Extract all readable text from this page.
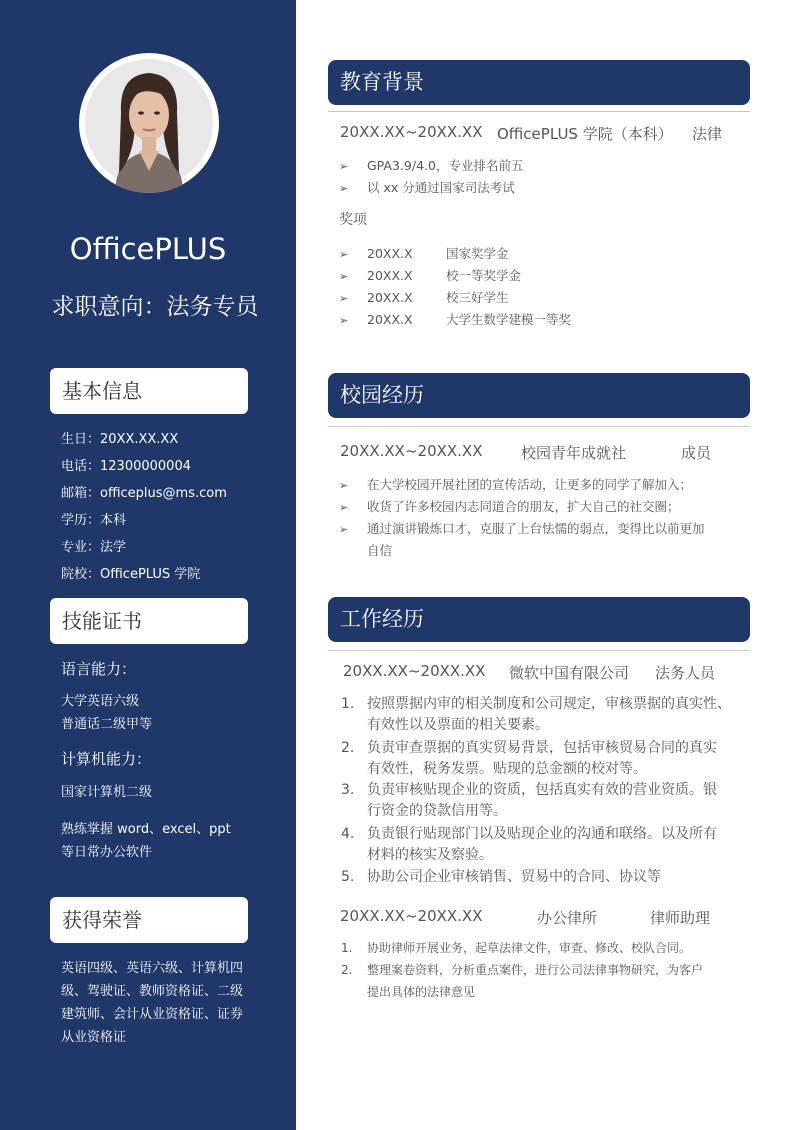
OfficePLUS
求职意向：法务专员
基本信息
生日：20XX.XX.XX
电话：12300000004
邮箱：officeplus@ms.com
学历：本科
专业：法学
院校：OfficePLUS 学院
技能证书
语言能力：
大学英语六级
普通话二级甲等
计算机能力：
国家计算机二级
熟练掌握 word、excel、ppt
等日常办公软件
获得荣誉
英语四级、英语六级、计算机四
级、驾驶证、教师资格证、二级
建筑师、会计从业资格证、证券
从业资格证
教育背景
20XX.XX~20XX.XX OfficePLUS 学院（本科） 法律
➢ GPA3.9/4.0，专业排名前五
➢ 以 xx 分通过国家司法考试
奖项
➢ 20XX.X	国家奖学金
➢ 20XX.X	校一等奖学金
➢ 20XX.X	校三好学生
➢ 20XX.X	大学生数学建模一等奖
校园经历
20XX.XX~20XX.XX	校园青年成就社	成员
➢ 在大学校园开展社团的宣传活动，让更多的同学了解加入；
➢ 收货了许多校园内志同道合的朋友，扩大自己的社交圈；
➢ 通过演讲锻炼口才，克服了上台怯懦的弱点，变得比以前更加
自信
工作经历
20XX.XX~20XX.XX 微软中国有限公司 法务人员
1. 按照票据内审的相关制度和公司规定，审核票据的真实性、
有效性以及票面的相关要素。
2. 负责审查票据的真实贸易背景，包括审核贸易合同的真实
有效性，税务发票。贴现的总金额的校对等。
3. 负责审核贴现企业的资质，包括真实有效的营业资质。银
行资金的贷款信用等。
4. 负责银行贴现部门以及贴现企业的沟通和联络。以及所有
材料的核实及察验。
5. 协助公司企业审核销售、贸易中的合同、协议等
20XX.XX~20XX.XX	办公律所	律师助理
1. 协助律师开展业务，起草法律文件，审查、修改、校队合同。
2. 整理案卷资料，分析重点案件，进行公司法律事物研究，为客户
提出具体的法律意见
